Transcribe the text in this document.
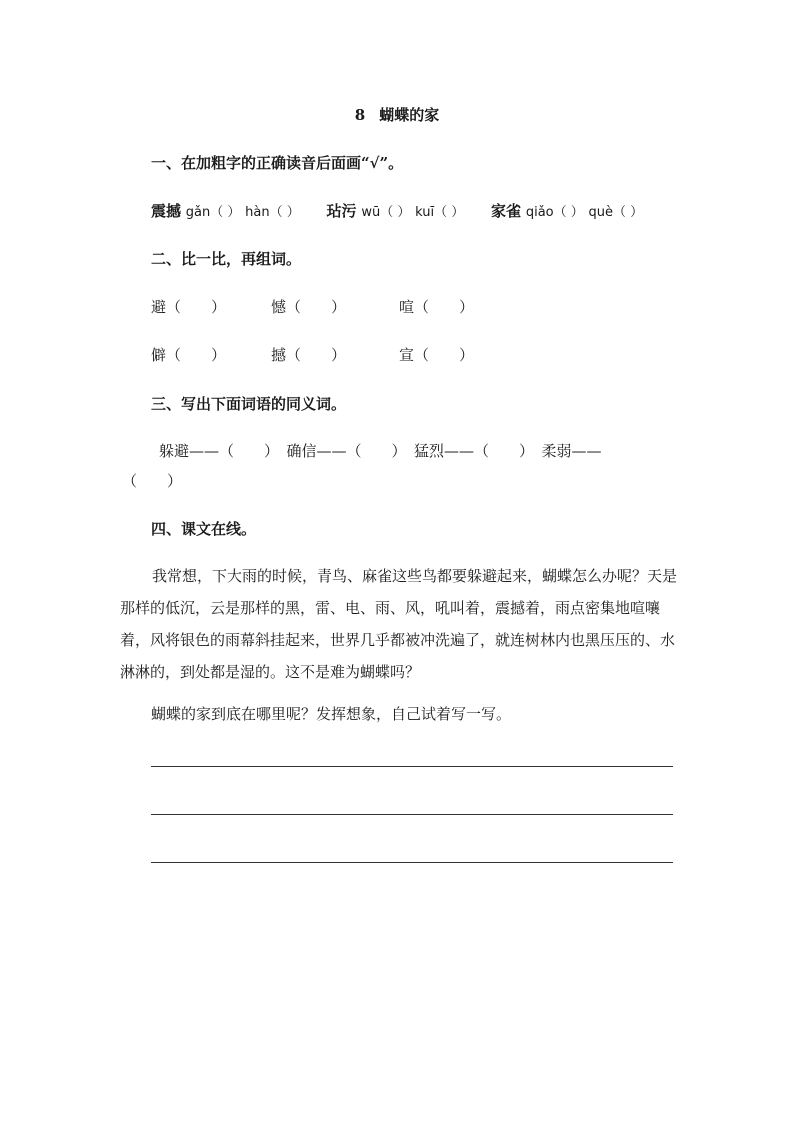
8 蝴蝶的家
一、在加粗字的正确读音后面画“√”。
震撼 gǎn（ ） hàn（ ） 玷污 wū（ ） kuī（ ） 家雀 qiǎo（ ） què（ ）
二、比一比，再组词。
避（　　）	憾（　　）	喧（　　）
僻（　　）	撼（　　）	宣（　　）
三、写出下面词语的同义词。
躲避——（　　）　确信——（　　）　猛烈——（　　）　柔弱——
（　　）
四、课文在线。
我常想，下大雨的时候，青鸟、麻雀这些鸟都要躲避起来，蝴蝶怎么办呢？天是那样的低沉，云是那样的黑，雷、电、雨、风，吼叫着，震撼着，雨点密集地喧嚷着，风将银色的雨幕斜挂起来，世界几乎都被冲洗遍了，就连树林内也黑压压的、水淋淋的，到处都是湿的。这不是难为蝴蝶吗？
蝴蝶的家到底在哪里呢？发挥想象，自己试着写一写。
